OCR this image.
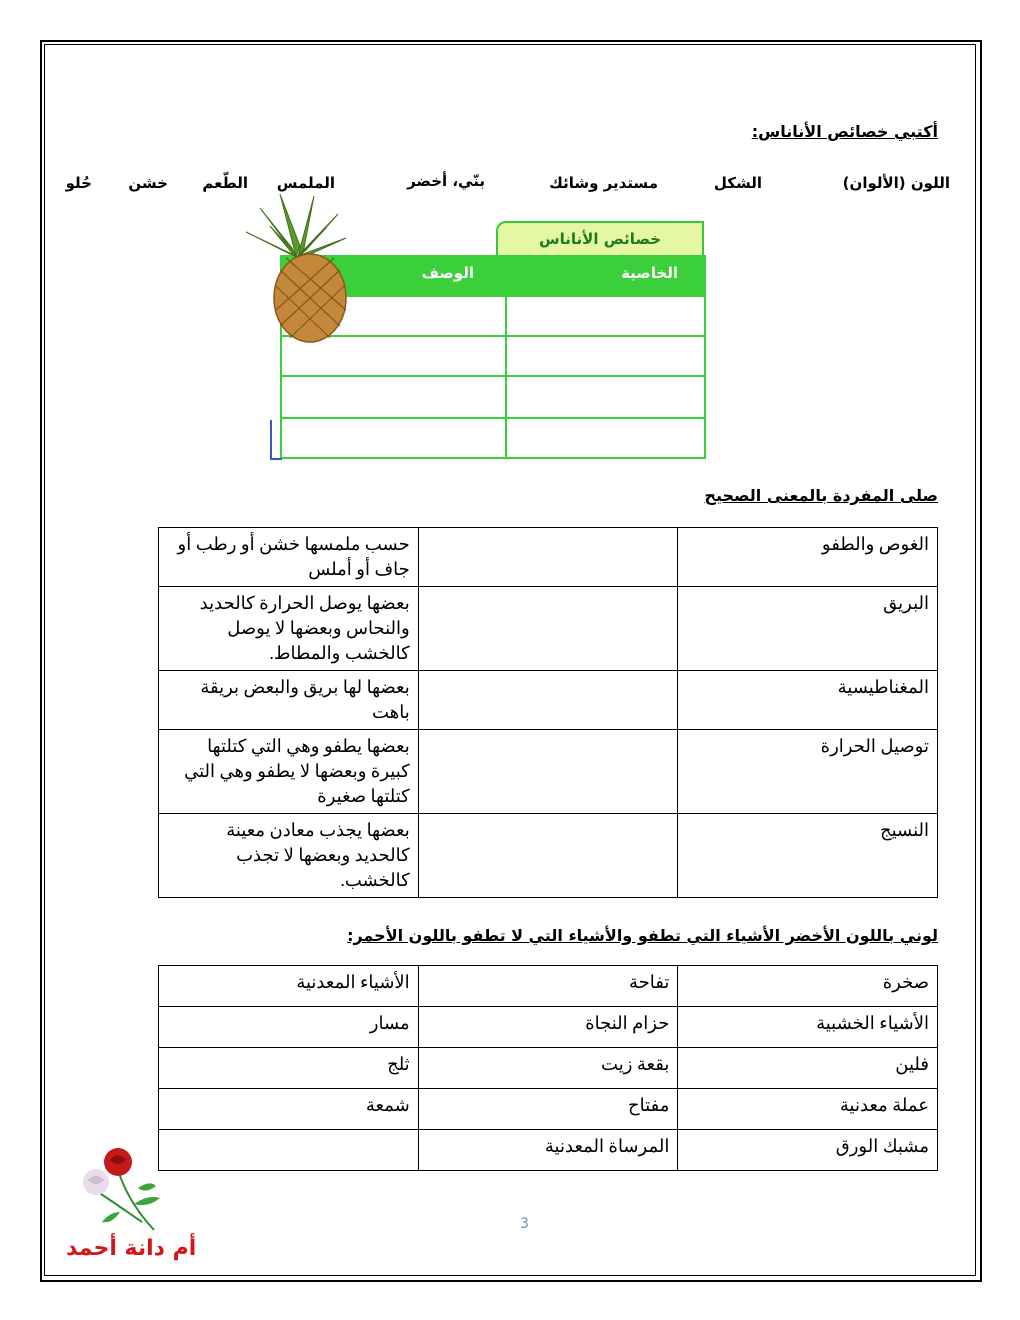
أكتبي خصائص الأناناس:
اللون (الألوان)
الشكل
مستدير وشائك
بنّي، أخضر
الملمس
الطّعم
خشن
حُلو
خصائص الأناناس
الخاصية
الوصف
صلى المفردة بالمعنى الصحيح
الغوص والطفو		حسب ملمسها خشن أو رطب أو جاف أو أملس
البريق		بعضها يوصل الحرارة كالحديد والنحاس وبعضها لا يوصل كالخشب والمطاط.
المغناطيسية		بعضها لها بريق والبعض بريقة باهت
توصيل الحرارة		بعضها يطفو وهي التي كتلتها كبيرة وبعضها لا يطفو وهي التي كتلتها صغيرة
النسيج		بعضها يجذب معادن معينة كالحديد وبعضها لا تجذب كالخشب.
لوني باللون الأخضر الأشياء التي تطفو والأشياء التي لا تطفو باللون الأحمر:
صخرة	تفاحة	الأشياء المعدنية
الأشياء الخشبية	حزام النجاة	مسار
فلين	بقعة زيت	ثلج
عملة معدنية	مفتاح	شمعة
مشبك الورق	المرساة المعدنية	
3
أم دانة أحمد
